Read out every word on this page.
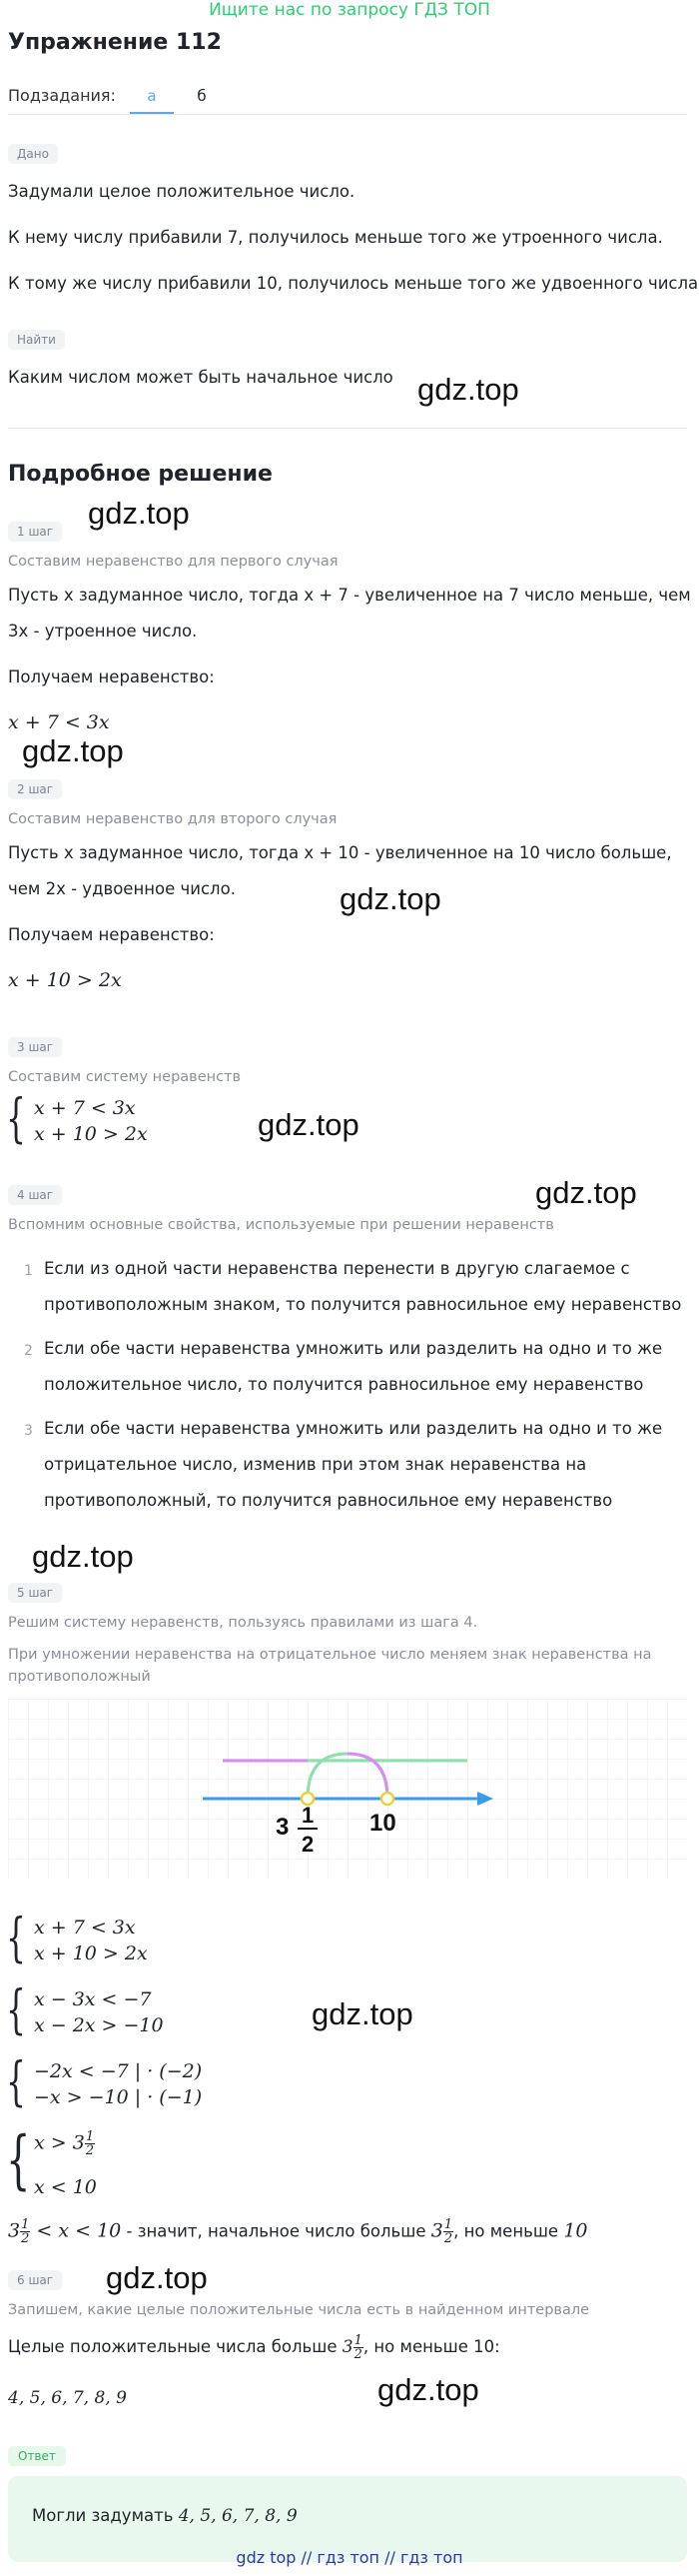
Ищите нас по запросу ГДЗ ТОП
Упражнение 112
Подзадания:	а	б
Дано
Задумали целое положительное число.
К нему числу прибавили 7, получилось меньше того же утроенного числа.
К тому же числу прибавили 10, получилось меньше того же удвоенного числа
Найти
Каким числом может быть начальное число gdz.top
Подробное решение
gdz.top
1 шаг
Составим неравенство для первого случая
Пусть x задуманное число, тогда x + 7 - увеличенное на 7 число меньше, чем
3x - утроенное число.
Получаем неравенство:
x + 7 < 3x
gdz.top
2 шаг
Составим неравенство для второго случая
Пусть x задуманное число, тогда x + 10 - увеличенное на 10 число больше,
чем 2x - удвоенное число.	gdz.top
Получаем неравенство:
x + 10 > 2x
3 шаг
Составим систему неравенств
{ x + 7 < 3x
x + 10 > 2x	gdz.top
gdz.top
4 шаг
Вспомним основные свойства, используемые при решении неравенств
1 Если из одной части неравенства перенести в другую слагаемое с
противоположным знаком, то получится равносильное ему неравенство
2 Если обе части неравенства умножить или разделить на одно и то же
положительное число, то получится равносильное ему неравенство
3 Если обе части неравенства умножить или разделить на одно и то же
отрицательное число, изменив при этом знак неравенства на
противоположный, то получится равносильное ему неравенство
gdz.top
5 шаг
Решим систему неравенств, пользуясь правилами из шага 4.
При умножении неравенства на отрицательное число меняем знак неравенства на
противоположный
3 1
2
10
{ x + 7 < 3x
x + 10 > 2x
{ x − 3x < −7
x − 2x > −10	gdz.top
{ −2x < −7 | · (−2)
−x > −10 | · (−1)
{ $x > 3 \frac{1}{2}$
x < 10
$3 \frac{1}{2} < x < 10$ - значит, начальное число больше $3 \frac{1}{2}$ , но меньше 10
gdz.top
6 шаг
Запишем, какие целые положительные числа есть в найденном интервале
Целые положительные числа больше $3 \frac{1}{2}$ , но меньше 10:
gdz.top
4, 5, 6, 7, 8, 9
Ответ
Могли задумать 4, 5, 6, 7, 8, 9
gdz top // гдз топ // гдз топ
